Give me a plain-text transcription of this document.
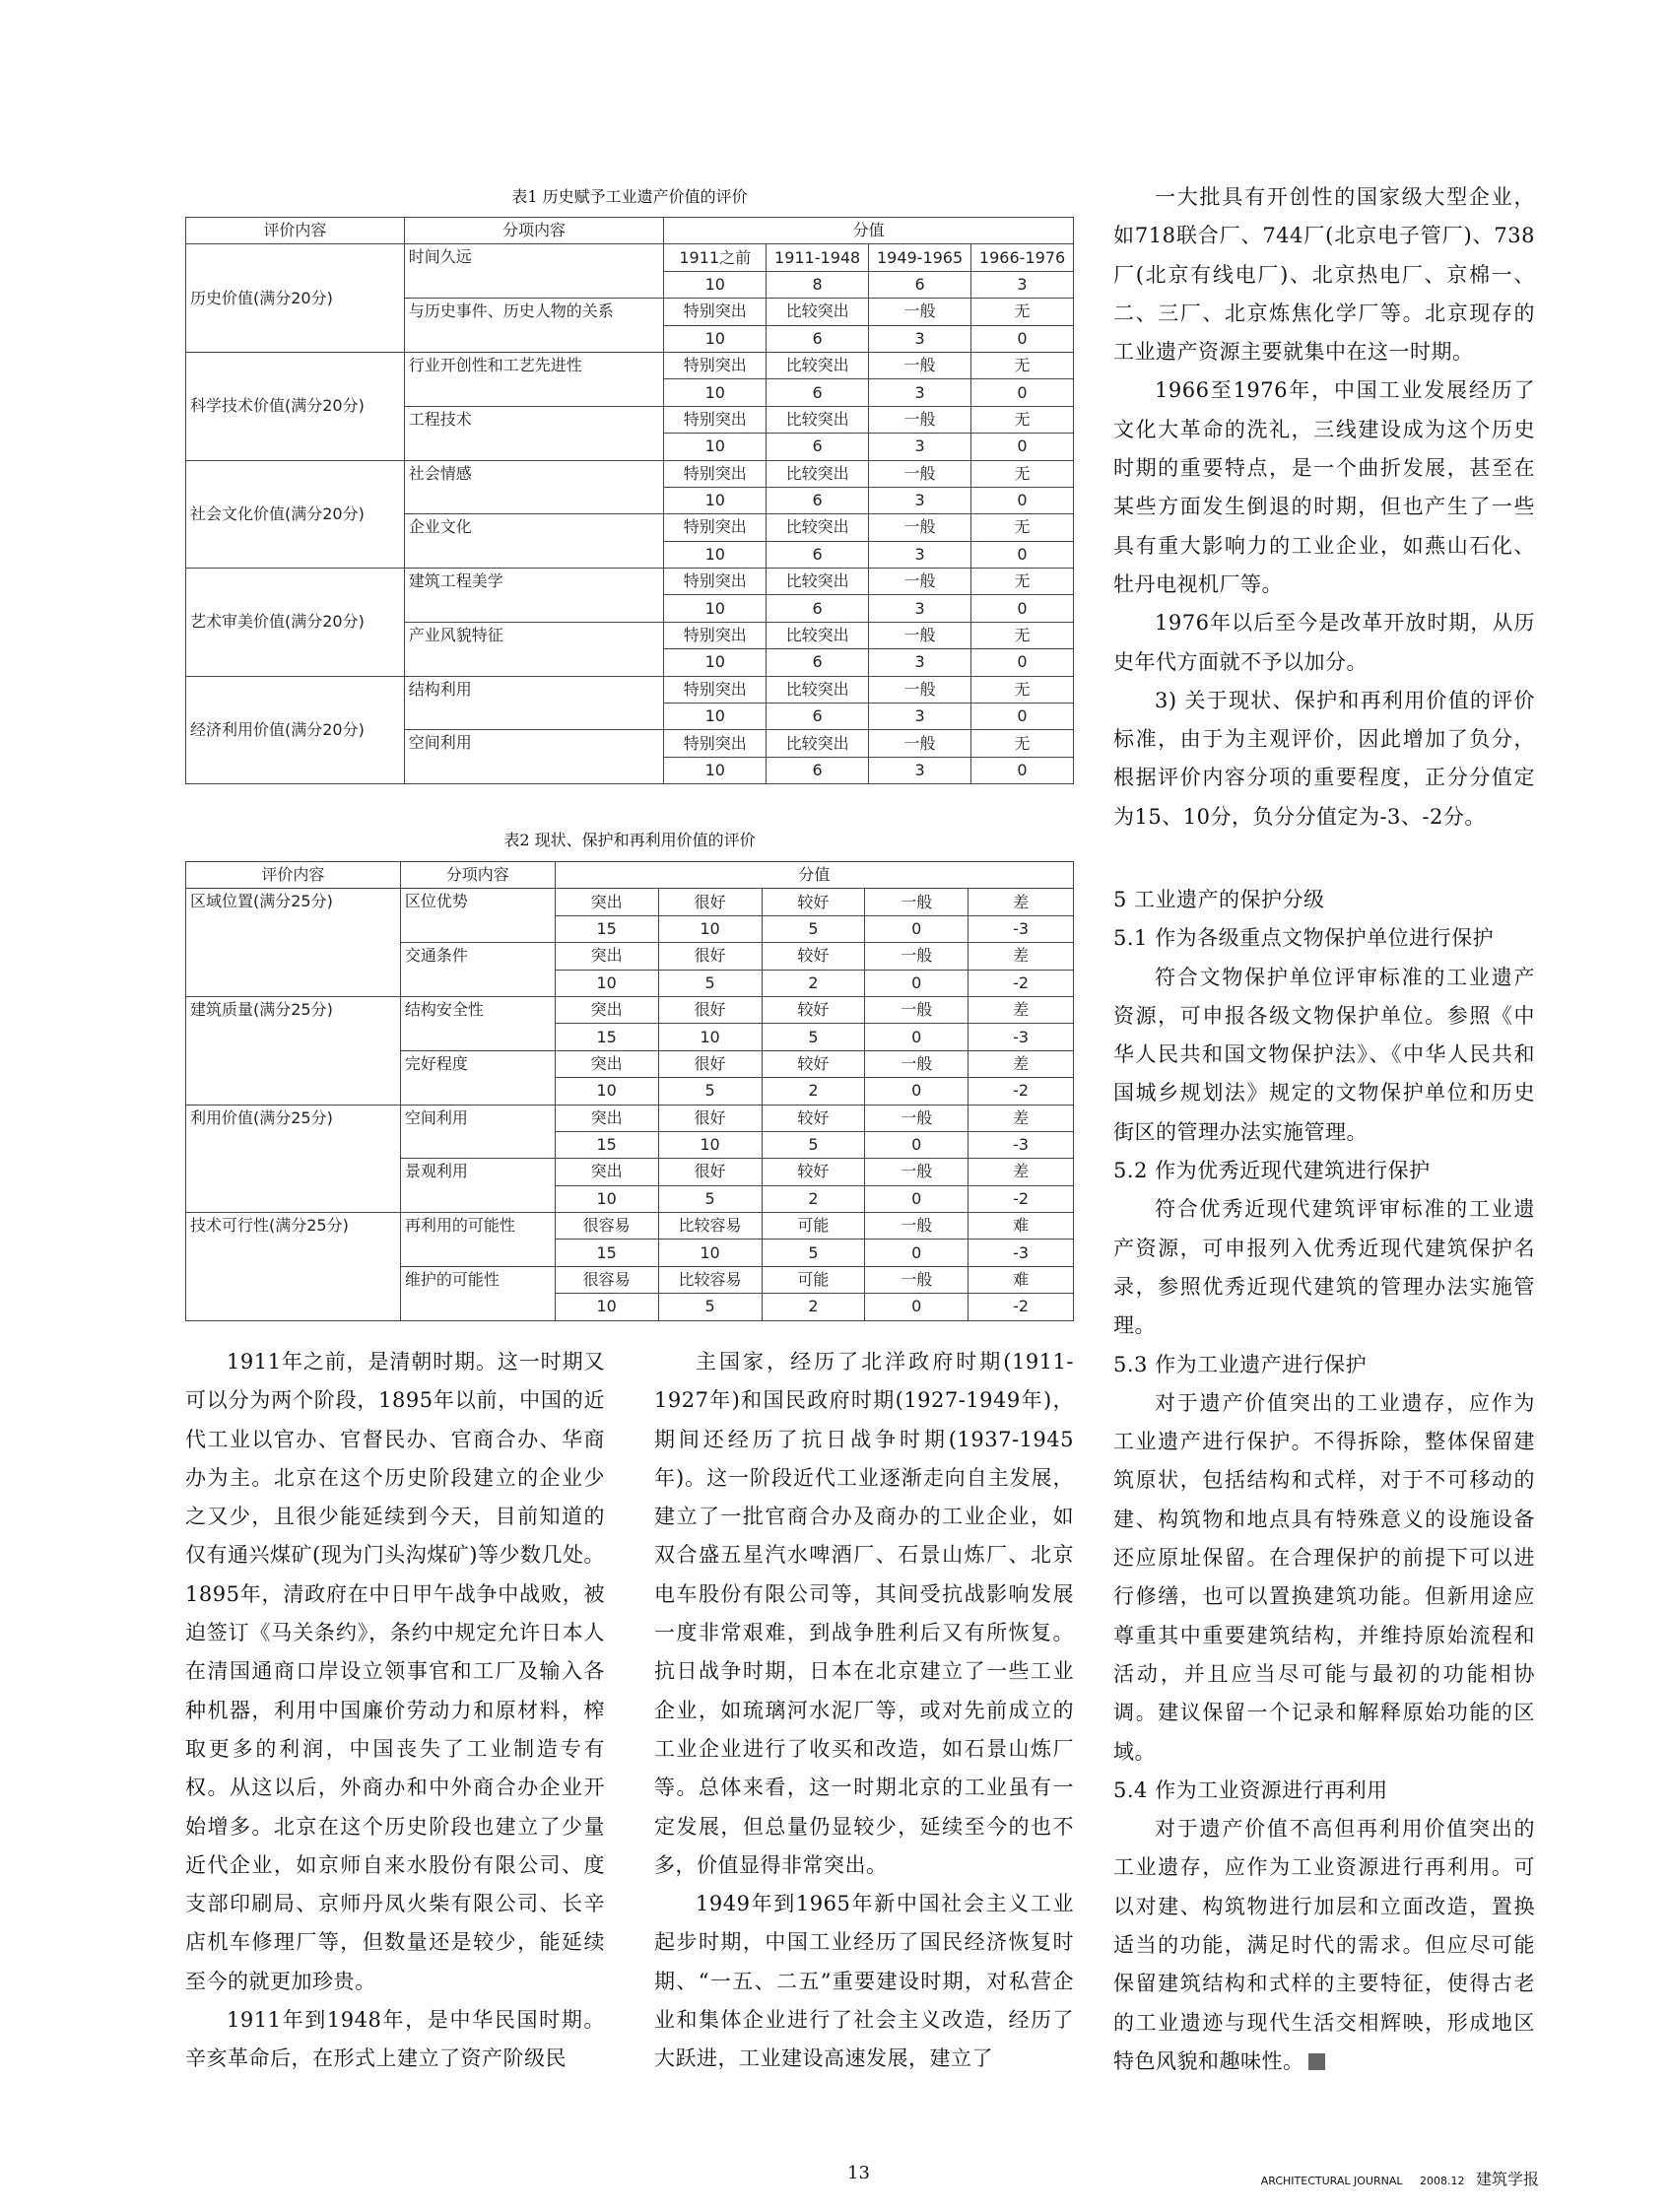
表1 历史赋予工业遗产价值的评价
评价内容	分项内容	分值			
历史价值(满分20分)	时间久远	1911之前	1911-1948	1949-1965	1966-1976
		10	8	6	3
	与历史事件、历史人物的关系	特别突出	比较突出	一般	无
		10	6	3	0
科学技术价值(满分20分)	行业开创性和工艺先进性	特别突出	比较突出	一般	无
		10	6	3	0
	工程技术	特别突出	比较突出	一般	无
		10	6	3	0
社会文化价值(满分20分)	社会情感	特别突出	比较突出	一般	无
		10	6	3	0
	企业文化	特别突出	比较突出	一般	无
		10	6	3	0
艺术审美价值(满分20分)	建筑工程美学	特别突出	比较突出	一般	无
		10	6	3	0
	产业风貌特征	特别突出	比较突出	一般	无
		10	6	3	0
经济利用价值(满分20分)	结构利用	特别突出	比较突出	一般	无
		10	6	3	0
	空间利用	特别突出	比较突出	一般	无
		10	6	3	0
表2 现状、保护和再利用价值的评价
评价内容	分项内容	分值				
区域位置(满分25分)	区位优势	突出	很好	较好	一般	差
		15	10	5	0	-3
	交通条件	突出	很好	较好	一般	差
		10	5	2	0	-2
建筑质量(满分25分)	结构安全性	突出	很好	较好	一般	差
		15	10	5	0	-3
	完好程度	突出	很好	较好	一般	差
		10	5	2	0	-2
利用价值(满分25分)	空间利用	突出	很好	较好	一般	差
		15	10	5	0	-3
	景观利用	突出	很好	较好	一般	差
		10	5	2	0	-2
技术可行性(满分25分)	再利用的可能性	很容易	比较容易	可能	一般	难
		15	10	5	0	-3
	维护的可能性	很容易	比较容易	可能	一般	难
		10	5	2	0	-2

1911年之前，是清朝时期。这一时期又可以分为两个阶段，1895年以前，中国的近代工业以官办、官督民办、官商合办、华商办为主。北京在这个历史阶段建立的企业少之又少，且很少能延续到今天，目前知道的仅有通兴煤矿(现为门头沟煤矿)等少数几处。1895年，清政府在中日甲午战争中战败，被迫签订《马关条约》，条约中规定允许日本人在清国通商口岸设立领事官和工厂及输入各种机器，利用中国廉价劳动力和原材料，榨取更多的利润，中国丧失了工业制造专有权。从这以后，外商办和中外商合办企业开始增多。北京在这个历史阶段也建立了少量近代企业，如京师自来水股份有限公司、度支部印刷局、京师丹凤火柴有限公司、长辛店机车修理厂等，但数量还是较少，能延续至今的就更加珍贵。

1911年到1948年，是中华民国时期。辛亥革命后，在形式上建立了资产阶级民

主国家，经历了北洋政府时期(1911-1927年)和国民政府时期(1927-1949年)，期间还经历了抗日战争时期(1937-1945年)。这一阶段近代工业逐渐走向自主发展，建立了一批官商合办及商办的工业企业，如双合盛五星汽水啤酒厂、石景山炼厂、北京电车股份有限公司等，其间受抗战影响发展一度非常艰难，到战争胜利后又有所恢复。抗日战争时期，日本在北京建立了一些工业企业，如琉璃河水泥厂等，或对先前成立的工业企业进行了收买和改造，如石景山炼厂等。总体来看，这一时期北京的工业虽有一定发展，但总量仍显较少，延续至今的也不多，价值显得非常突出。

1949年到1965年新中国社会主义工业起步时期，中国工业经历了国民经济恢复时期、“一五、二五”重要建设时期，对私营企业和集体企业进行了社会主义改造，经历了大跃进，工业建设高速发展，建立了

一大批具有开创性的国家级大型企业，如718联合厂、744厂(北京电子管厂)、738厂(北京有线电厂)、北京热电厂、京棉一、二、三厂、北京炼焦化学厂等。北京现存的工业遗产资源主要就集中在这一时期。

1966至1976年，中国工业发展经历了文化大革命的洗礼，三线建设成为这个历史时期的重要特点，是一个曲折发展，甚至在某些方面发生倒退的时期，但也产生了一些具有重大影响力的工业企业，如燕山石化、牡丹电视机厂等。

1976年以后至今是改革开放时期，从历史年代方面就不予以加分。

3) 关于现状、保护和再利用价值的评价标准，由于为主观评价，因此增加了负分，根据评价内容分项的重要程度，正分分值定为15、10分，负分分值定为-3、-2分。

5 工业遗产的保护分级

5.1 作为各级重点文物保护单位进行保护

符合文物保护单位评审标准的工业遗产资源，可申报各级文物保护单位。参照《中华人民共和国文物保护法》、《中华人民共和国城乡规划法》规定的文物保护单位和历史街区的管理办法实施管理。

5.2 作为优秀近现代建筑进行保护

符合优秀近现代建筑评审标准的工业遗产资源，可申报列入优秀近现代建筑保护名录，参照优秀近现代建筑的管理办法实施管理。

5.3 作为工业遗产进行保护

对于遗产价值突出的工业遗存，应作为工业遗产进行保护。不得拆除，整体保留建筑原状，包括结构和式样，对于不可移动的建、构筑物和地点具有特殊意义的设施设备还应原址保留。在合理保护的前提下可以进行修缮，也可以置换建筑功能。但新用途应尊重其中重要建筑结构，并维持原始流程和活动，并且应当尽可能与最初的功能相协调。建议保留一个记录和解释原始功能的区域。

5.4 作为工业资源进行再利用

对于遗产价值不高但再利用价值突出的工业遗存，应作为工业资源进行再利用。可以对建、构筑物进行加层和立面改造，置换适当的功能，满足时代的需求。但应尽可能保留建筑结构和式样的主要特征，使得古老的工业遗迹与现代生活交相辉映，形成地区特色风貌和趣味性。

13	ARCHITECTURAL JOURNAL 2008.12 建筑学报
